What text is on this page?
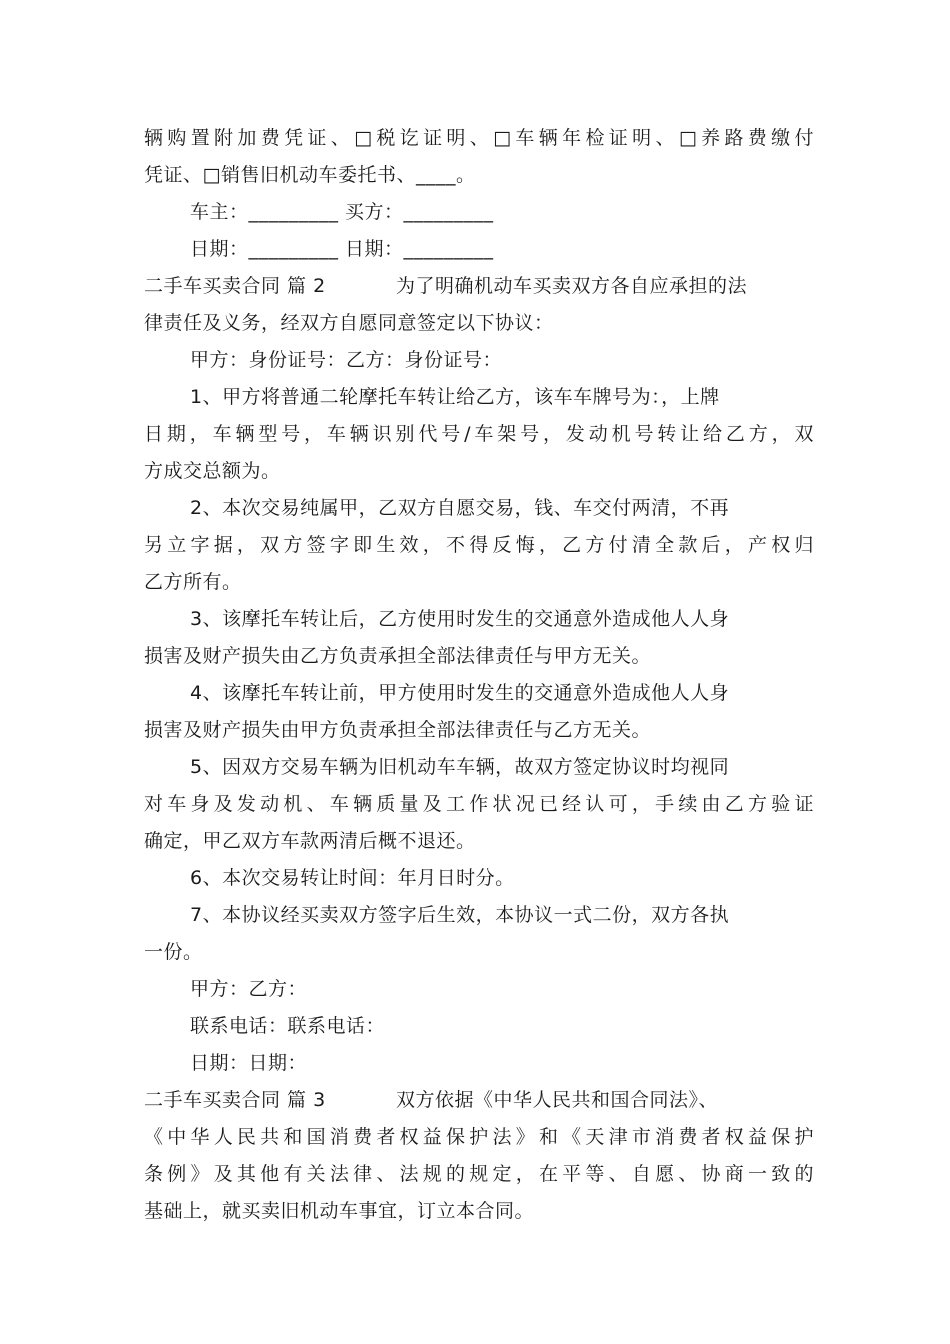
辆购置附加费凭证、□税讫证明、□车辆年检证明、□养路费缴付
凭证、□销售旧机动车委托书、____。
车主：_________ 买方：_________
日期：_________ 日期：_________
二手车买卖合同 篇 2	为了明确机动车买卖双方各自应承担的法
律责任及义务，经双方自愿同意签定以下协议：
甲方：身份证号：乙方：身份证号：
1、甲方将普通二轮摩托车转让给乙方，该车车牌号为：，上牌
日期，车辆型号，车辆识别代号/车架号，发动机号转让给乙方，双
方成交总额为。
2、本次交易纯属甲，乙双方自愿交易，钱、车交付两清，不再
另立字据，双方签字即生效，不得反悔，乙方付清全款后，产权归
乙方所有。
3、该摩托车转让后，乙方使用时发生的交通意外造成他人人身
损害及财产损失由乙方负责承担全部法律责任与甲方无关。
4、该摩托车转让前，甲方使用时发生的交通意外造成他人人身
损害及财产损失由甲方负责承担全部法律责任与乙方无关。
5、因双方交易车辆为旧机动车车辆，故双方签定协议时均视同
对车身及发动机、车辆质量及工作状况已经认可，手续由乙方验证
确定，甲乙双方车款两清后概不退还。
6、本次交易转让时间：年月日时分。
7、本协议经买卖双方签字后生效，本协议一式二份，双方各执
一份。
甲方：乙方：
联系电话：联系电话：
日期：日期：
二手车买卖合同 篇 3	双方依据《中华人民共和国合同法》、
《中华人民共和国消费者权益保护法》和《天津市消费者权益保护
条例》及其他有关法律、法规的规定，在平等、自愿、协商一致的
基础上，就买卖旧机动车事宜，订立本合同。
